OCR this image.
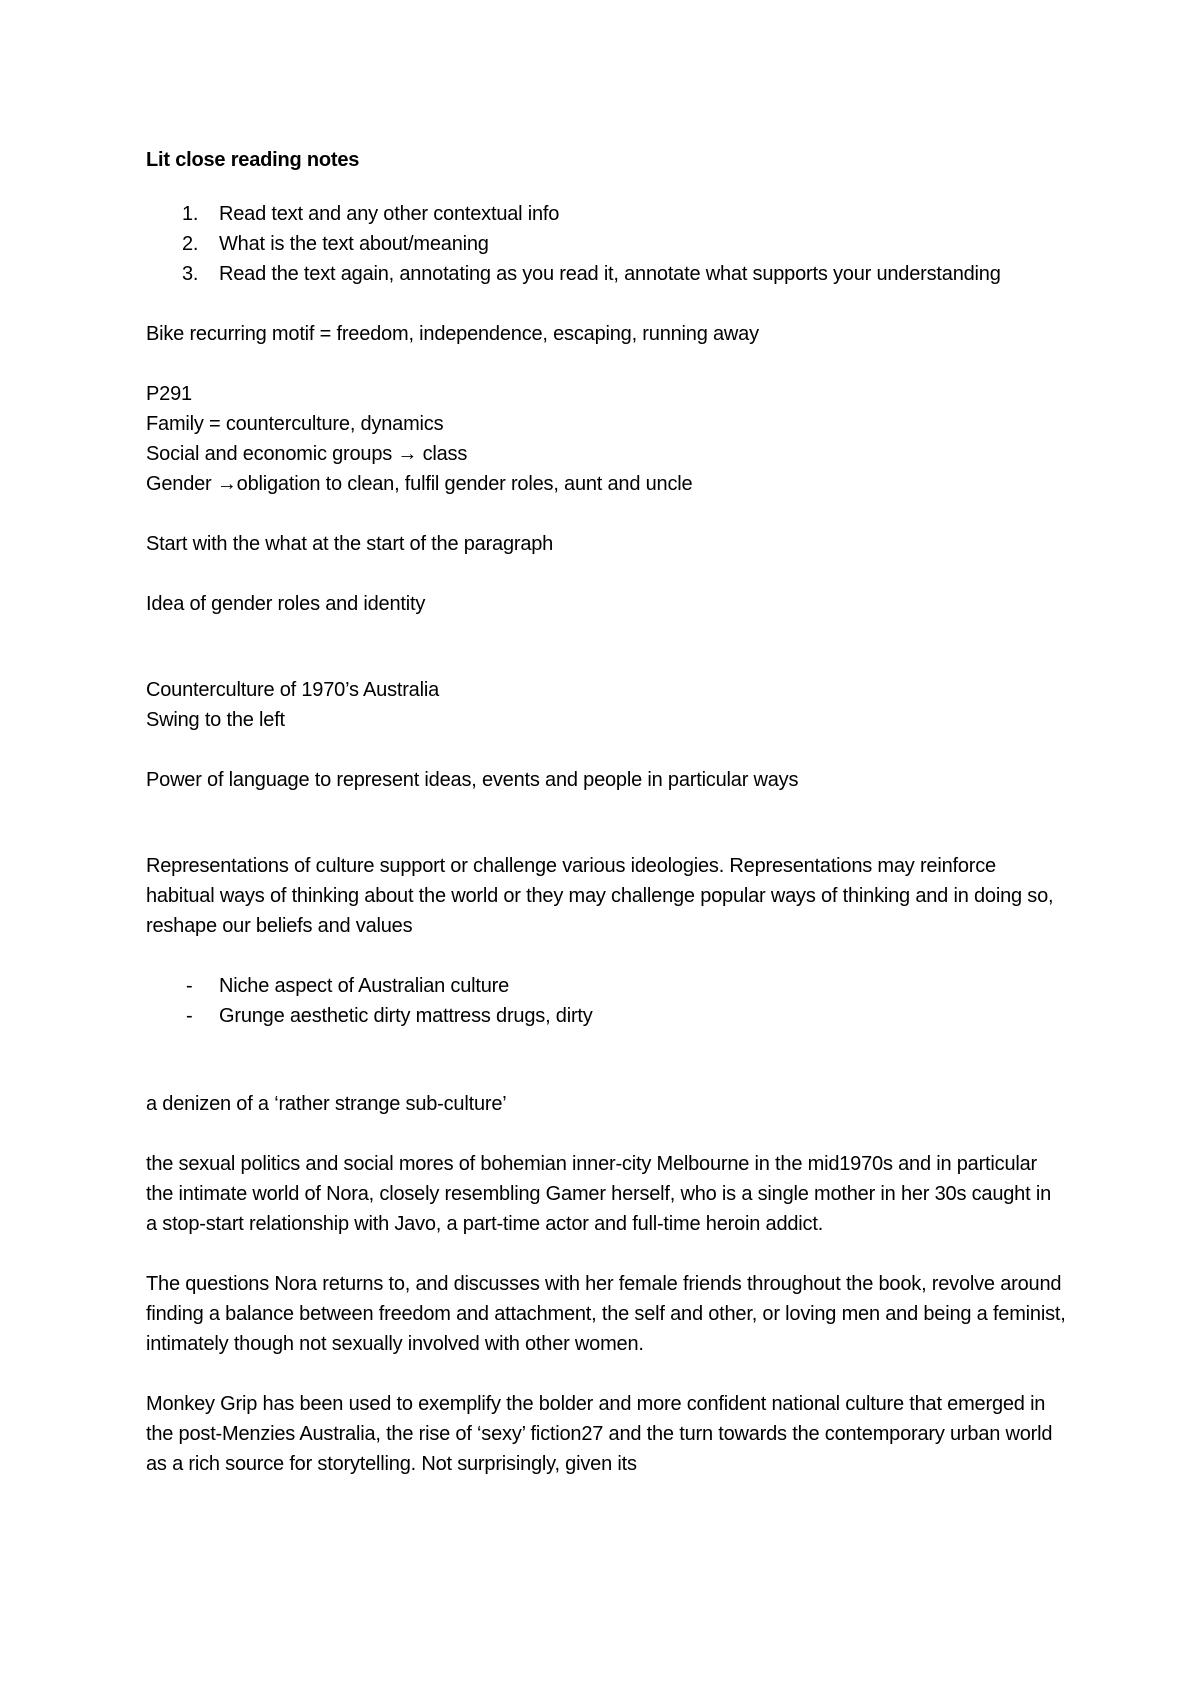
Lit close reading notes

1. Read text and any other contextual info
2. What is the text about/meaning
3. Read the text again, annotating as you read it, annotate what supports your understanding

Bike recurring motif = freedom, independence, escaping, running away

P291

Family = counterculture, dynamics

Social and economic groups → class

Gender →obligation to clean, fulfil gender roles, aunt and uncle

Start with the what at the start of the paragraph

Idea of gender roles and identity

Counterculture of 1970’s Australia

Swing to the left

Power of language to represent ideas, events and people in particular ways

Representations of culture support or challenge various ideologies. Representations may reinforce habitual ways of thinking about the world or they may challenge popular ways of thinking and in doing so, reshape our beliefs and values

- Niche aspect of Australian culture
- Grunge aesthetic dirty mattress drugs, dirty

a denizen of a ‘rather strange sub-culture’

the sexual politics and social mores of bohemian inner-city Melbourne in the mid1970s and in particular the intimate world of Nora, closely resembling Gamer herself, who is a single mother in her 30s caught in a stop-start relationship with Javo, a part-time actor and full-time heroin addict.

The questions Nora returns to, and discusses with her female friends throughout the book, revolve around finding a balance between freedom and attachment, the self and other, or loving men and being a feminist, intimately though not sexually involved with other women.

Monkey Grip has been used to exemplify the bolder and more confident national culture that emerged in the post-Menzies Australia, the rise of ‘sexy’ fiction27 and the turn towards the contemporary urban world as a rich source for storytelling. Not surprisingly, given its
